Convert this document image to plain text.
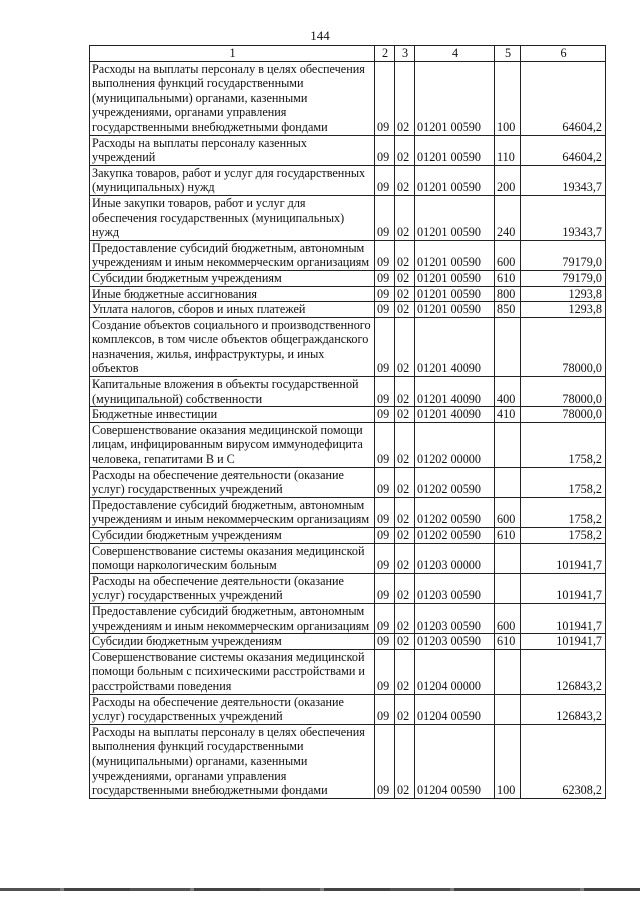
144
1	2	3	4	5	6
Расходы на выплаты персоналу в целях обеспечения выполнения функций государственными (муниципальными) органами, казенными учреждениями, органами управления государственными внебюджетными фондами	09	02	01201 00590	100	64604,2
Расходы на выплаты персоналу казенных учреждений	09	02	01201 00590	110	64604,2
Закупка товаров, работ и услуг для государственных (муниципальных) нужд	09	02	01201 00590	200	19343,7
Иные закупки товаров, работ и услуг для обеспечения государственных (муниципальных) нужд	09	02	01201 00590	240	19343,7
Предоставление субсидий бюджетным, автономным учреждениям и иным некоммерческим организациям	09	02	01201 00590	600	79179,0
Субсидии бюджетным учреждениям	09	02	01201 00590	610	79179,0
Иные бюджетные ассигнования	09	02	01201 00590	800	1293,8
Уплата налогов, сборов и иных платежей	09	02	01201 00590	850	1293,8
Создание объектов социального и производственного комплексов, в том числе объектов общегражданского назначения, жилья, инфраструктуры, и иных объектов	09	02	01201 40090		78000,0
Капитальные вложения в объекты государственной (муниципальной) собственности	09	02	01201 40090	400	78000,0
Бюджетные инвестиции	09	02	01201 40090	410	78000,0
Совершенствование оказания медицинской помощи лицам, инфицированным вирусом иммунодефицита человека, гепатитами В и С	09	02	01202 00000		1758,2
Расходы на обеспечение деятельности (оказание услуг) государственных учреждений	09	02	01202 00590		1758,2
Предоставление субсидий бюджетным, автономным учреждениям и иным некоммерческим организациям	09	02	01202 00590	600	1758,2
Субсидии бюджетным учреждениям	09	02	01202 00590	610	1758,2
Совершенствование системы оказания медицинской помощи наркологическим больным	09	02	01203 00000		101941,7
Расходы на обеспечение деятельности (оказание услуг) государственных учреждений	09	02	01203 00590		101941,7
Предоставление субсидий бюджетным, автономным учреждениям и иным некоммерческим организациям	09	02	01203 00590	600	101941,7
Субсидии бюджетным учреждениям	09	02	01203 00590	610	101941,7
Совершенствование системы оказания медицинской помощи больным с психическими расстройствами и расстройствами поведения	09	02	01204 00000		126843,2
Расходы на обеспечение деятельности (оказание услуг) государственных учреждений	09	02	01204 00590		126843,2
Расходы на выплаты персоналу в целях обеспечения выполнения функций государственными (муниципальными) органами, казенными учреждениями, органами управления государственными внебюджетными фондами	09	02	01204 00590	100	62308,2
